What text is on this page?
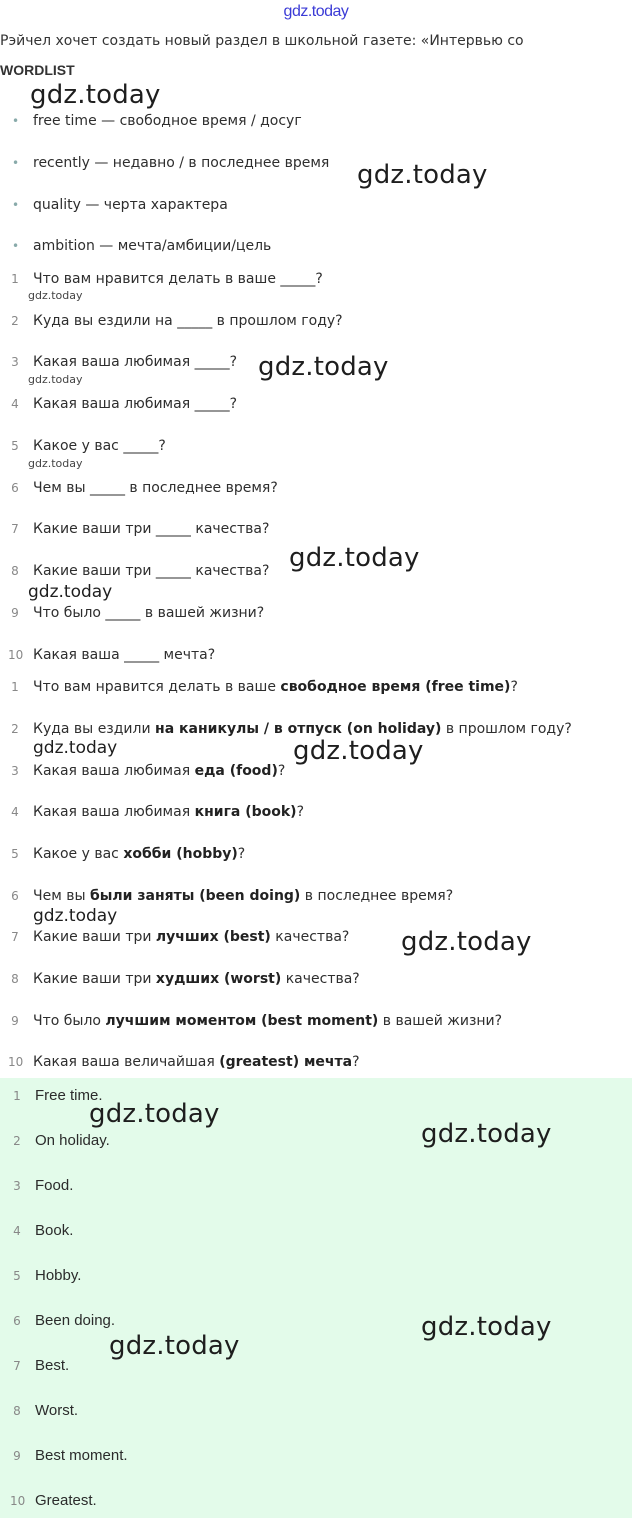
gdz.today
Рэйчел хочет создать новый раздел в школьной газете: «Интервью со
WORDLIST
• free time — свободное время / досуг
• recently — недавно / в последнее время
• quality — черта характера
• ambition — мечта/амбиции/цель
1 Что вам нравится делать в ваше _____?
2 Куда вы ездили на _____ в прошлом году?
3 Какая ваша любимая _____?
4 Какая ваша любимая _____?
5 Какое у вас _____?
6 Чем вы _____ в последнее время?
7 Какие ваши три _____ качества?
8 Какие ваши три _____ качества?
9 Что было _____ в вашей жизни?
10 Какая ваша _____ мечта?
1 Что вам нравится делать в ваше свободное время (free time)?
2 Куда вы ездили на каникулы / в отпуск (on holiday) в прошлом году?
3 Какая ваша любимая еда (food)?
4 Какая ваша любимая книга (book)?
5 Какое у вас хобби (hobby)?
6 Чем вы были заняты (been doing) в последнее время?
7 Какие ваши три лучших (best) качества?
8 Какие ваши три худших (worst) качества?
9 Что было лучшим моментом (best moment) в вашей жизни?
10 Какая ваша величайшая (greatest) мечта?
1 Free time.
2 On holiday.
3 Food.
4 Book.
5 Hobby.
6 Been doing.
7 Best.
8 Worst.
9 Best moment.
10 Greatest.
gdz.today
gdz.today
gdz.today
gdz.today
gdz.today
gdz.today
gdz.today
gdz.today
gdz.today	gdz.today
gdz.today
gdz.today
gdz.today
gdz.today
gdz.today
gdz.today
